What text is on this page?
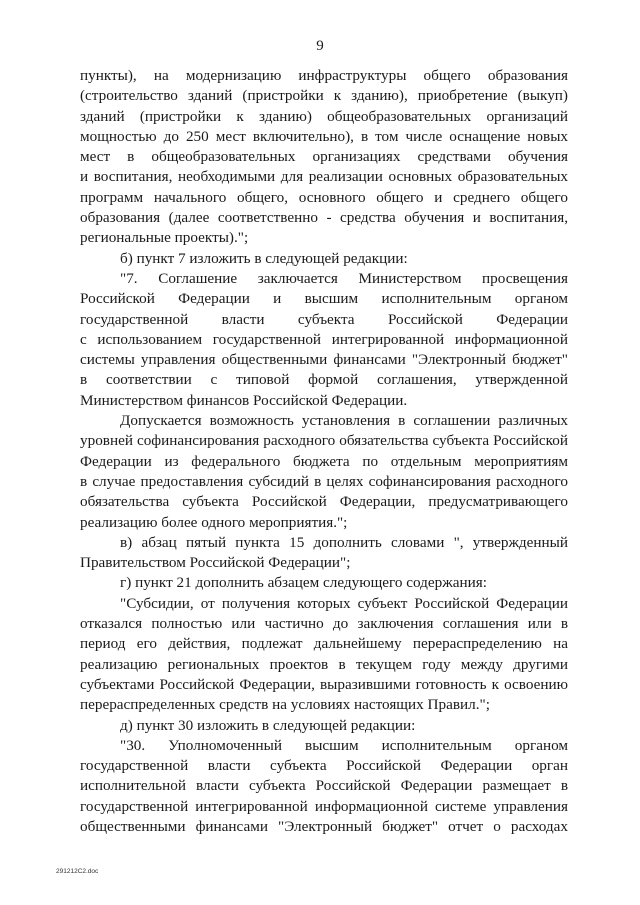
9
пункты), на модернизацию инфраструктуры общего образования
(строительство зданий (пристройки к зданию), приобретение (выкуп)
зданий (пристройки к зданию) общеобразовательных организаций
мощностью до 250 мест включительно), в том числе оснащение новых
мест в общеобразовательных организациях средствами обучения
и воспитания, необходимыми для реализации основных образовательных
программ начального общего, основного общего и среднего общего
образования (далее соответственно - средства обучения и воспитания,
региональные проекты).";
б) пункт 7 изложить в следующей редакции:
"7. Соглашение заключается Министерством просвещения
Российской Федерации и высшим исполнительным органом
государственной власти субъекта Российской Федерации
с использованием государственной интегрированной информационной
системы управления общественными финансами "Электронный бюджет"
в соответствии с типовой формой соглашения, утвержденной
Министерством финансов Российской Федерации.
Допускается возможность установления в соглашении различных
уровней софинансирования расходного обязательства субъекта Российской
Федерации из федерального бюджета по отдельным мероприятиям
в случае предоставления субсидий в целях софинансирования расходного
обязательства субъекта Российской Федерации, предусматривающего
реализацию более одного мероприятия.";
в) абзац пятый пункта 15 дополнить словами ", утвержденный
Правительством Российской Федерации";
г) пункт 21 дополнить абзацем следующего содержания:
"Субсидии, от получения которых субъект Российской Федерации
отказался полностью или частично до заключения соглашения или в
период его действия, подлежат дальнейшему перераспределению на
реализацию региональных проектов в текущем году между другими
субъектами Российской Федерации, выразившими готовность к освоению
перераспределенных средств на условиях настоящих Правил.";
д) пункт 30 изложить в следующей редакции:
"30. Уполномоченный высшим исполнительным органом
государственной власти субъекта Российской Федерации орган
исполнительной власти субъекта Российской Федерации размещает в
государственной интегрированной информационной системе управления
общественными финансами "Электронный бюджет" отчет о расходах
291212C2.doc
